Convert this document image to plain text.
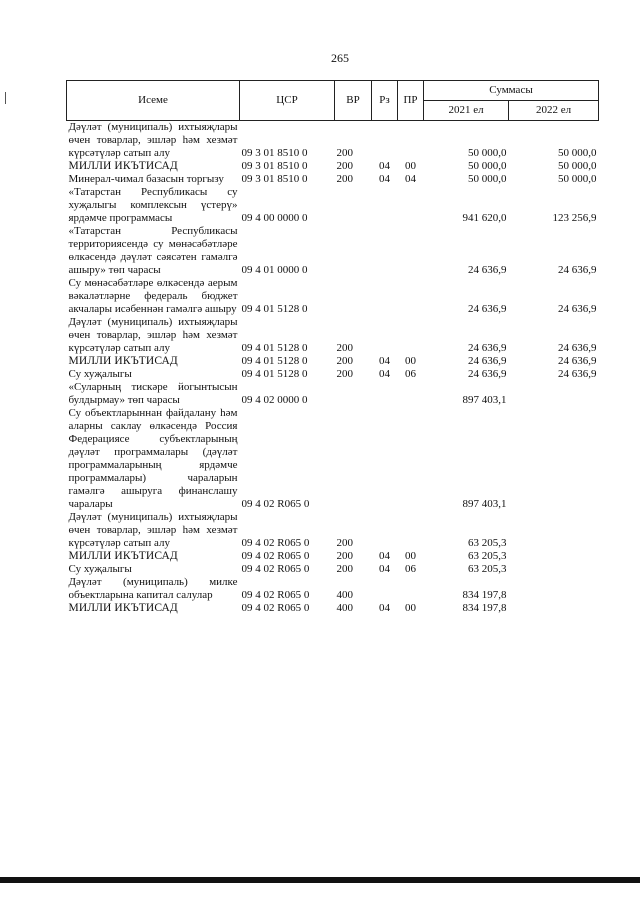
265
Исеме	ЦСР	ВР	Рз	ПР	Суммасы	
					2021 ел	2022 ел
Дәүләт (муниципаль) ихтыяҗлары өчен товарлар, эшләр һәм хезмәт күрсәтүләр сатып алу	09 3 01 8510 0	200			50 000,0	50 000,0
МИЛЛИ ИКЪТИСАД	09 3 01 8510 0	200	04	00	50 000,0	50 000,0
Минерал-чимал базасын торгызу	09 3 01 8510 0	200	04	04	50 000,0	50 000,0
«Татарстан Республикасы су хуҗалыгы комплексын үстерү» ярдәмче программасы	09 4 00 0000 0				941 620,0	123 256,9
«Татарстан Республикасы территориясендә су мөнәсәбәтләре өлкәсендә дәүләт сәясәтен гамәлгә ашыру» төп чарасы	09 4 01 0000 0				24 636,9	24 636,9
Су мөнәсәбәтләре өлкәсендә аерым вәкаләтләрне федераль бюджет акчалары исәбеннән гамәлгә ашыру	09 4 01 5128 0				24 636,9	24 636,9
Дәүләт (муниципаль) ихтыяҗлары өчен товарлар, эшләр һәм хезмәт күрсәтүләр сатып алу	09 4 01 5128 0	200			24 636,9	24 636,9
МИЛЛИ ИКЪТИСАД	09 4 01 5128 0	200	04	00	24 636,9	24 636,9
Су хуҗалыгы	09 4 01 5128 0	200	04	06	24 636,9	24 636,9
«Суларның тискәре йогынтысын булдырмау» төп чарасы	09 4 02 0000 0				897 403,1	
Су объектларыннан файдалану һәм аларны саклау өлкәсендә Россия Федерациясе субъектларының дәүләт программалары (дәүләт программаларының ярдәмче программалары) чараларын гамәлгә ашыруга финанслашу чаралары	09 4 02 R065 0				897 403,1	
Дәүләт (муниципаль) ихтыяҗлары өчен товарлар, эшләр һәм хезмәт күрсәтүләр сатып алу	09 4 02 R065 0	200			63 205,3	
МИЛЛИ ИКЪТИСАД	09 4 02 R065 0	200	04	00	63 205,3	
Су хуҗалыгы	09 4 02 R065 0	200	04	06	63 205,3	
Дәүләт (муниципаль) милке объектларына капитал салулар	09 4 02 R065 0	400			834 197,8	
МИЛЛИ ИКЪТИСАД	09 4 02 R065 0	400	04	00	834 197,8	
